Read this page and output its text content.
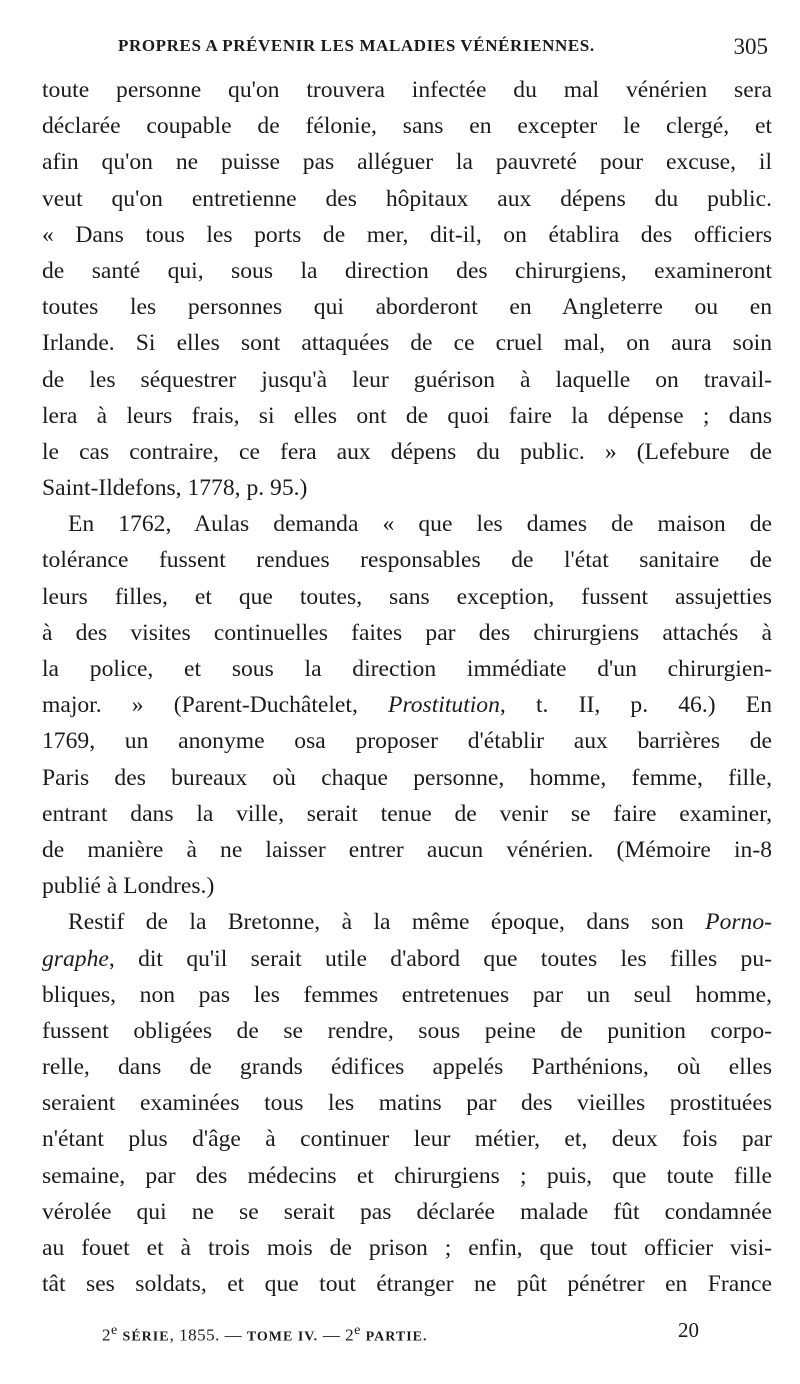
PROPRES A PRÉVENIR LES MALADIES VÉNÉRIENNES.	305

toute personne qu'on trouvera infectée du mal vénérien sera
déclarée coupable de félonie, sans en excepter le clergé, et
afin qu'on ne puisse pas alléguer la pauvreté pour excuse, il
veut qu'on entretienne des hôpitaux aux dépens du public.
« Dans tous les ports de mer, dit-il, on établira des officiers
de santé qui, sous la direction des chirurgiens, examineront
toutes les personnes qui aborderont en Angleterre ou en
Irlande. Si elles sont attaquées de ce cruel mal, on aura soin
de les séquestrer jusqu'à leur guérison à laquelle on travail-
lera à leurs frais, si elles ont de quoi faire la dépense ; dans
le cas contraire, ce fera aux dépens du public. » (Lefebure de
Saint-Ildefons, 1778, p. 95.)

En 1762, Aulas demanda « que les dames de maison de
tolérance fussent rendues responsables de l'état sanitaire de
leurs filles, et que toutes, sans exception, fussent assujetties
à des visites continuelles faites par des chirurgiens attachés à
la police, et sous la direction immédiate d'un chirurgien-
major. » (Parent-Duchâtelet, Prostitution, t. II, p. 46.) En
1769, un anonyme osa proposer d'établir aux barrières de
Paris des bureaux où chaque personne, homme, femme, fille,
entrant dans la ville, serait tenue de venir se faire examiner,
de manière à ne laisser entrer aucun vénérien. (Mémoire in-8
publié à Londres.)

Restif de la Bretonne, à la même époque, dans son Porno-
graphe, dit qu'il serait utile d'abord que toutes les filles pu-
bliques, non pas les femmes entretenues par un seul homme,
fussent obligées de se rendre, sous peine de punition corpo-
relle, dans de grands édifices appelés Parthénions, où elles
seraient examinées tous les matins par des vieilles prostituées
n'étant plus d'âge à continuer leur métier, et, deux fois par
semaine, par des médecins et chirurgiens ; puis, que toute fille
vérolée qui ne se serait pas déclarée malade fût condamnée
au fouet et à trois mois de prison ; enfin, que tout officier visi-
tât ses soldats, et que tout étranger ne pût pénétrer en France

2e SÉRIE, 1855. — TOME IV. — 2e PARTIE.	20
